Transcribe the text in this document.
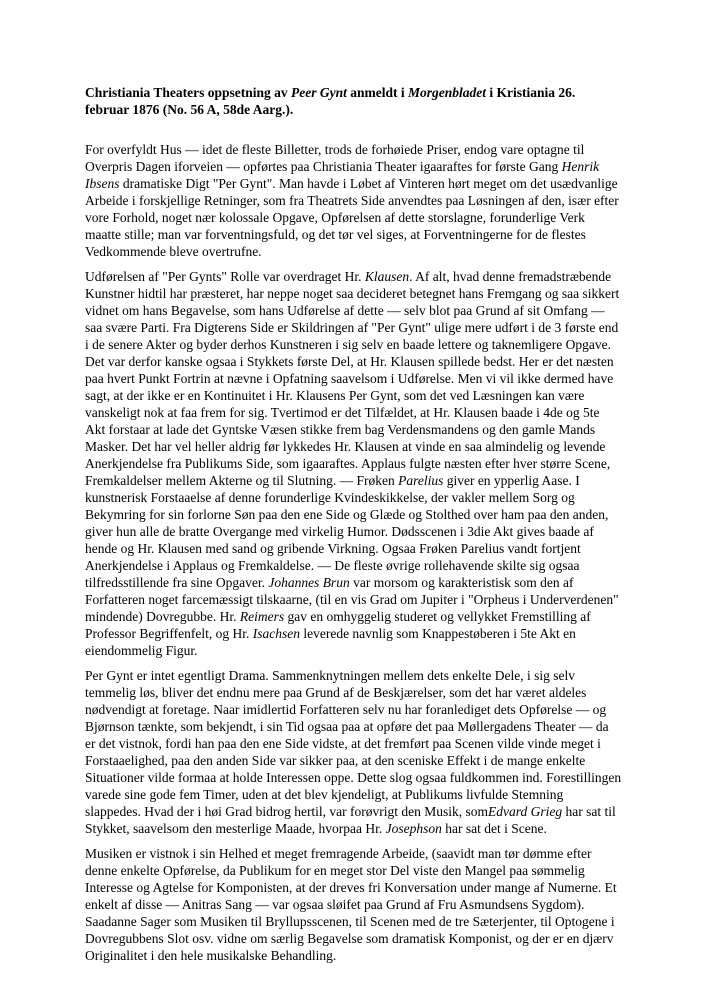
Christiania Theaters oppsetning av Peer Gynt anmeldt i Morgenbladet i Kristiania 26. februar 1876 (No. 56 A, 58de Aarg.).

For overfyldt Hus — idet de fleste Billetter, trods de forhøiede Priser, endog vare optagne til Overpris Dagen iforveien — opførtes paa Christiania Theater igaaraftes for første Gang Henrik
Ibsens dramatiske Digt "Per Gynt". Man havde i Løbet af Vinteren hørt meget om det usædvanlige Arbeide i forskjellige Retninger, som fra Theatrets Side anvendtes paa Løsningen af den, især efter vore Forhold, noget nær kolossale Opgave, Opførelsen af dette storslagne, forunderlige Verk maatte stille; man var forventningsfuld, og det tør vel siges, at Forventningerne for de flestes Vedkommende bleve overtrufne.

Udførelsen af "Per Gynts" Rolle var overdraget Hr. Klausen. Af alt, hvad denne fremadstræbende Kunstner hidtil har præsteret, har neppe noget saa decideret betegnet hans Fremgang og saa sikkert vidnet om hans Begavelse, som hans Udførelse af dette — selv blot paa Grund af sit Omfang — saa svære Parti. Fra Digterens Side er Skildringen af "Per Gynt" ulige mere udført i de 3 første end i de senere Akter og byder derhos Kunstneren i sig selv en baade lettere og taknemligere Opgave. Det var derfor kanske ogsaa i Stykkets første Del, at Hr. Klausen spillede bedst. Her er det næsten paa hvert Punkt Fortrin at nævne i Opfatning saavelsom i Udførelse. Men vi vil ikke dermed have sagt, at der ikke er en Kontinuitet i Hr. Klausens Per Gynt, som det ved Læsningen kan være vanskeligt nok at faa frem for sig. Tvertimod er det Tilfældet, at Hr. Klausen baade i 4de og 5te Akt forstaar at lade det Gyntske Væsen stikke frem bag Verdensmandens og den gamle Mands Masker. Det har vel heller aldrig før lykkedes Hr. Klausen at vinde en saa almindelig og levende Anerkjendelse fra Publikums Side, som igaaraftes. Applaus fulgte næsten efter hver større Scene, Fremkaldelser mellem Akterne og til Slutning. — Frøken Parelius giver en ypperlig Aase. I kunstnerisk Forstaaelse af denne forunderlige Kvindeskikkelse, der vakler mellem Sorg og Bekymring for sin forlorne Søn paa den ene Side og Glæde og Stolthed over ham paa den anden, giver hun alle de bratte Overgange med virkelig Humor. Dødsscenen i 3die Akt gives baade af hende og Hr. Klausen med sand og gribende Virkning. Ogsaa Frøken Parelius vandt fortjent Anerkjendelse i Applaus og Fremkaldelse. — De fleste øvrige rollehavende skilte sig ogsaa tilfredsstillende fra sine Opgaver. Johannes Brun var morsom og karakteristisk som den af Forfatteren noget farcemæssigt tilskaarne, (til en vis Grad om Jupiter i "Orpheus i Underverdenen" mindende) Dovregubbe. Hr. Reimers gav en omhyggelig studeret og vellykket Fremstilling af Professor Begriffenfelt, og Hr. Isachsen leverede navnlig som Knappestøberen i 5te Akt en eiendommelig Figur.

Per Gynt er intet egentligt Drama. Sammenknytningen mellem dets enkelte Dele, i sig selv temmelig løs, bliver det endnu mere paa Grund af de Beskjærelser, som det har været aldeles nødvendigt at foretage. Naar imidlertid Forfatteren selv nu har foranlediget dets Opførelse — og Bjørnson tænkte, som bekjendt, i sin Tid ogsaa paa at opføre det paa Møllergadens Theater — da er det vistnok, fordi han paa den ene Side vidste, at det fremført paa Scenen vilde vinde meget i Forstaaelighed, paa den anden Side var sikker paa, at den sceniske Effekt i de mange enkelte Situationer vilde formaa at holde Interessen oppe. Dette slog ogsaa fuldkommen ind. Forestillingen varede sine gode fem Timer, uden at det blev kjendeligt, at Publikums livfulde Stemning slappedes. Hvad der i høi Grad bidrog hertil, var forøvrigt den Musik, somEdvard Grieg har sat til Stykket, saavelsom den mesterlige Maade, hvorpaa Hr. Josephson har sat det i Scene.

Musiken er vistnok i sin Helhed et meget fremragende Arbeide, (saavidt man tør dømme efter denne enkelte Opførelse, da Publikum for en meget stor Del viste den Mangel paa sømmelig Interesse og Agtelse for Komponisten, at der dreves fri Konversation under mange af Numerne. Et enkelt af disse — Anitras Sang — var ogsaa sløifet paa Grund af Fru Asmundsens Sygdom). Saadanne Sager som Musiken til Bryllupsscenen, til Scenen med de tre Sæterjenter, til Optogene i Dovregubbens Slot osv. vidne om særlig Begavelse som dramatisk Komponist, og der er en djærv Originalitet i den hele musikalske Behandling.
